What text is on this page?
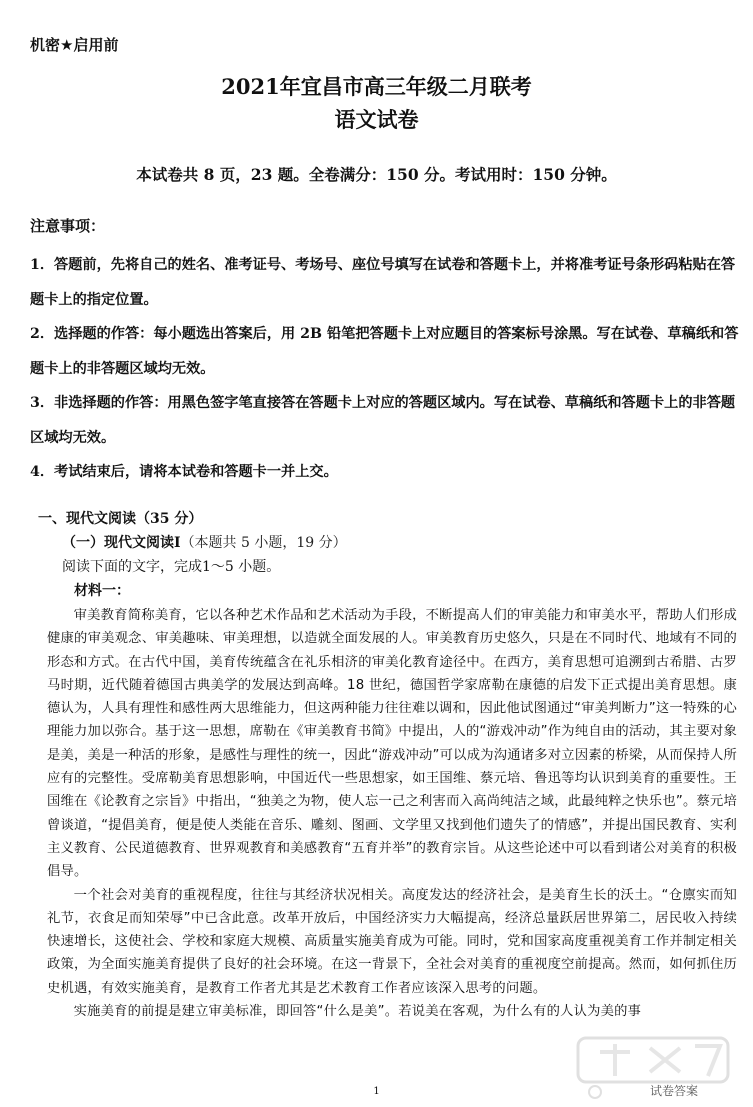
机密★启用前
2021年宜昌市高三年级二月联考
语文试卷
本试卷共 8 页，23 题。全卷满分：150 分。考试用时：150 分钟。
注意事项：

1．答题前，先将自己的姓名、准考证号、考场号、座位号填写在试卷和答题卡上，并将准考证号条形码粘贴在答题卡上的指定位置。

2．选择题的作答：每小题选出答案后，用 2B 铅笔把答题卡上对应题目的答案标号涂黑。写在试卷、草稿纸和答题卡上的非答题区域均无效。

3．非选择题的作答：用黑色签字笔直接答在答题卡上对应的答题区域内。写在试卷、草稿纸和答题卡上的非答题区域均无效。

4．考试结束后，请将本试卷和答题卡一并上交。

一、现代文阅读（35 分）
（一）现代文阅读Ⅰ（本题共 5 小题，19 分）
阅读下面的文字，完成1～5 小题。
材料一：

审美教育简称美育，它以各种艺术作品和艺术活动为手段，不断提高人们的审美能力和审美水平，帮助人们形成健康的审美观念、审美趣味、审美理想，以造就全面发展的人。审美教育历史悠久，只是在不同时代、地域有不同的形态和方式。在古代中国，美育传统蕴含在礼乐相济的审美化教育途径中。在西方，美育思想可追溯到古希腊、古罗马时期，近代随着德国古典美学的发展达到高峰。18 世纪，德国哲学家席勒在康德的启发下正式提出美育思想。康德认为，人具有理性和感性两大思维能力，但这两种能力往往难以调和，因此他试图通过“审美判断力”这一特殊的心理能力加以弥合。基于这一思想，席勒在《审美教育书简》中提出，人的“游戏冲动”作为纯自由的活动，其主要对象是美，美是一种活的形象，是感性与理性的统一，因此“游戏冲动”可以成为沟通诸多对立因素的桥梁，从而保持人所应有的完整性。受席勒美育思想影响，中国近代一些思想家，如王国维、蔡元培、鲁迅等均认识到美育的重要性。王国维在《论教育之宗旨》中指出，“独美之为物，使人忘一己之利害而入高尚纯洁之域，此最纯粹之快乐也”。蔡元培曾谈道，“提倡美育，便是使人类能在音乐、雕刻、图画、文学里又找到他们遗失了的情感”，并提出国民教育、实利主义教育、公民道德教育、世界观教育和美感教育“五育并举”的教育宗旨。从这些论述中可以看到诸公对美育的积极倡导。

一个社会对美育的重视程度，往往与其经济状况相关。高度发达的经济社会，是美育生长的沃土。“仓廪实而知礼节，衣食足而知荣辱”中已含此意。改革开放后，中国经济实力大幅提高，经济总量跃居世界第二，居民收入持续快速增长，这使社会、学校和家庭大规模、高质量实施美育成为可能。同时，党和国家高度重视美育工作并制定相关政策，为全面实施美育提供了良好的社会环境。在这一背景下，全社会对美育的重视度空前提高。然而，如何抓住历史机遇，有效实施美育，是教育工作者尤其是艺术教育工作者应该深入思考的问题。

实施美育的前提是建立审美标准，即回答“什么是美”。若说美在客观，为什么有的人认为美的事

试卷答案
1
